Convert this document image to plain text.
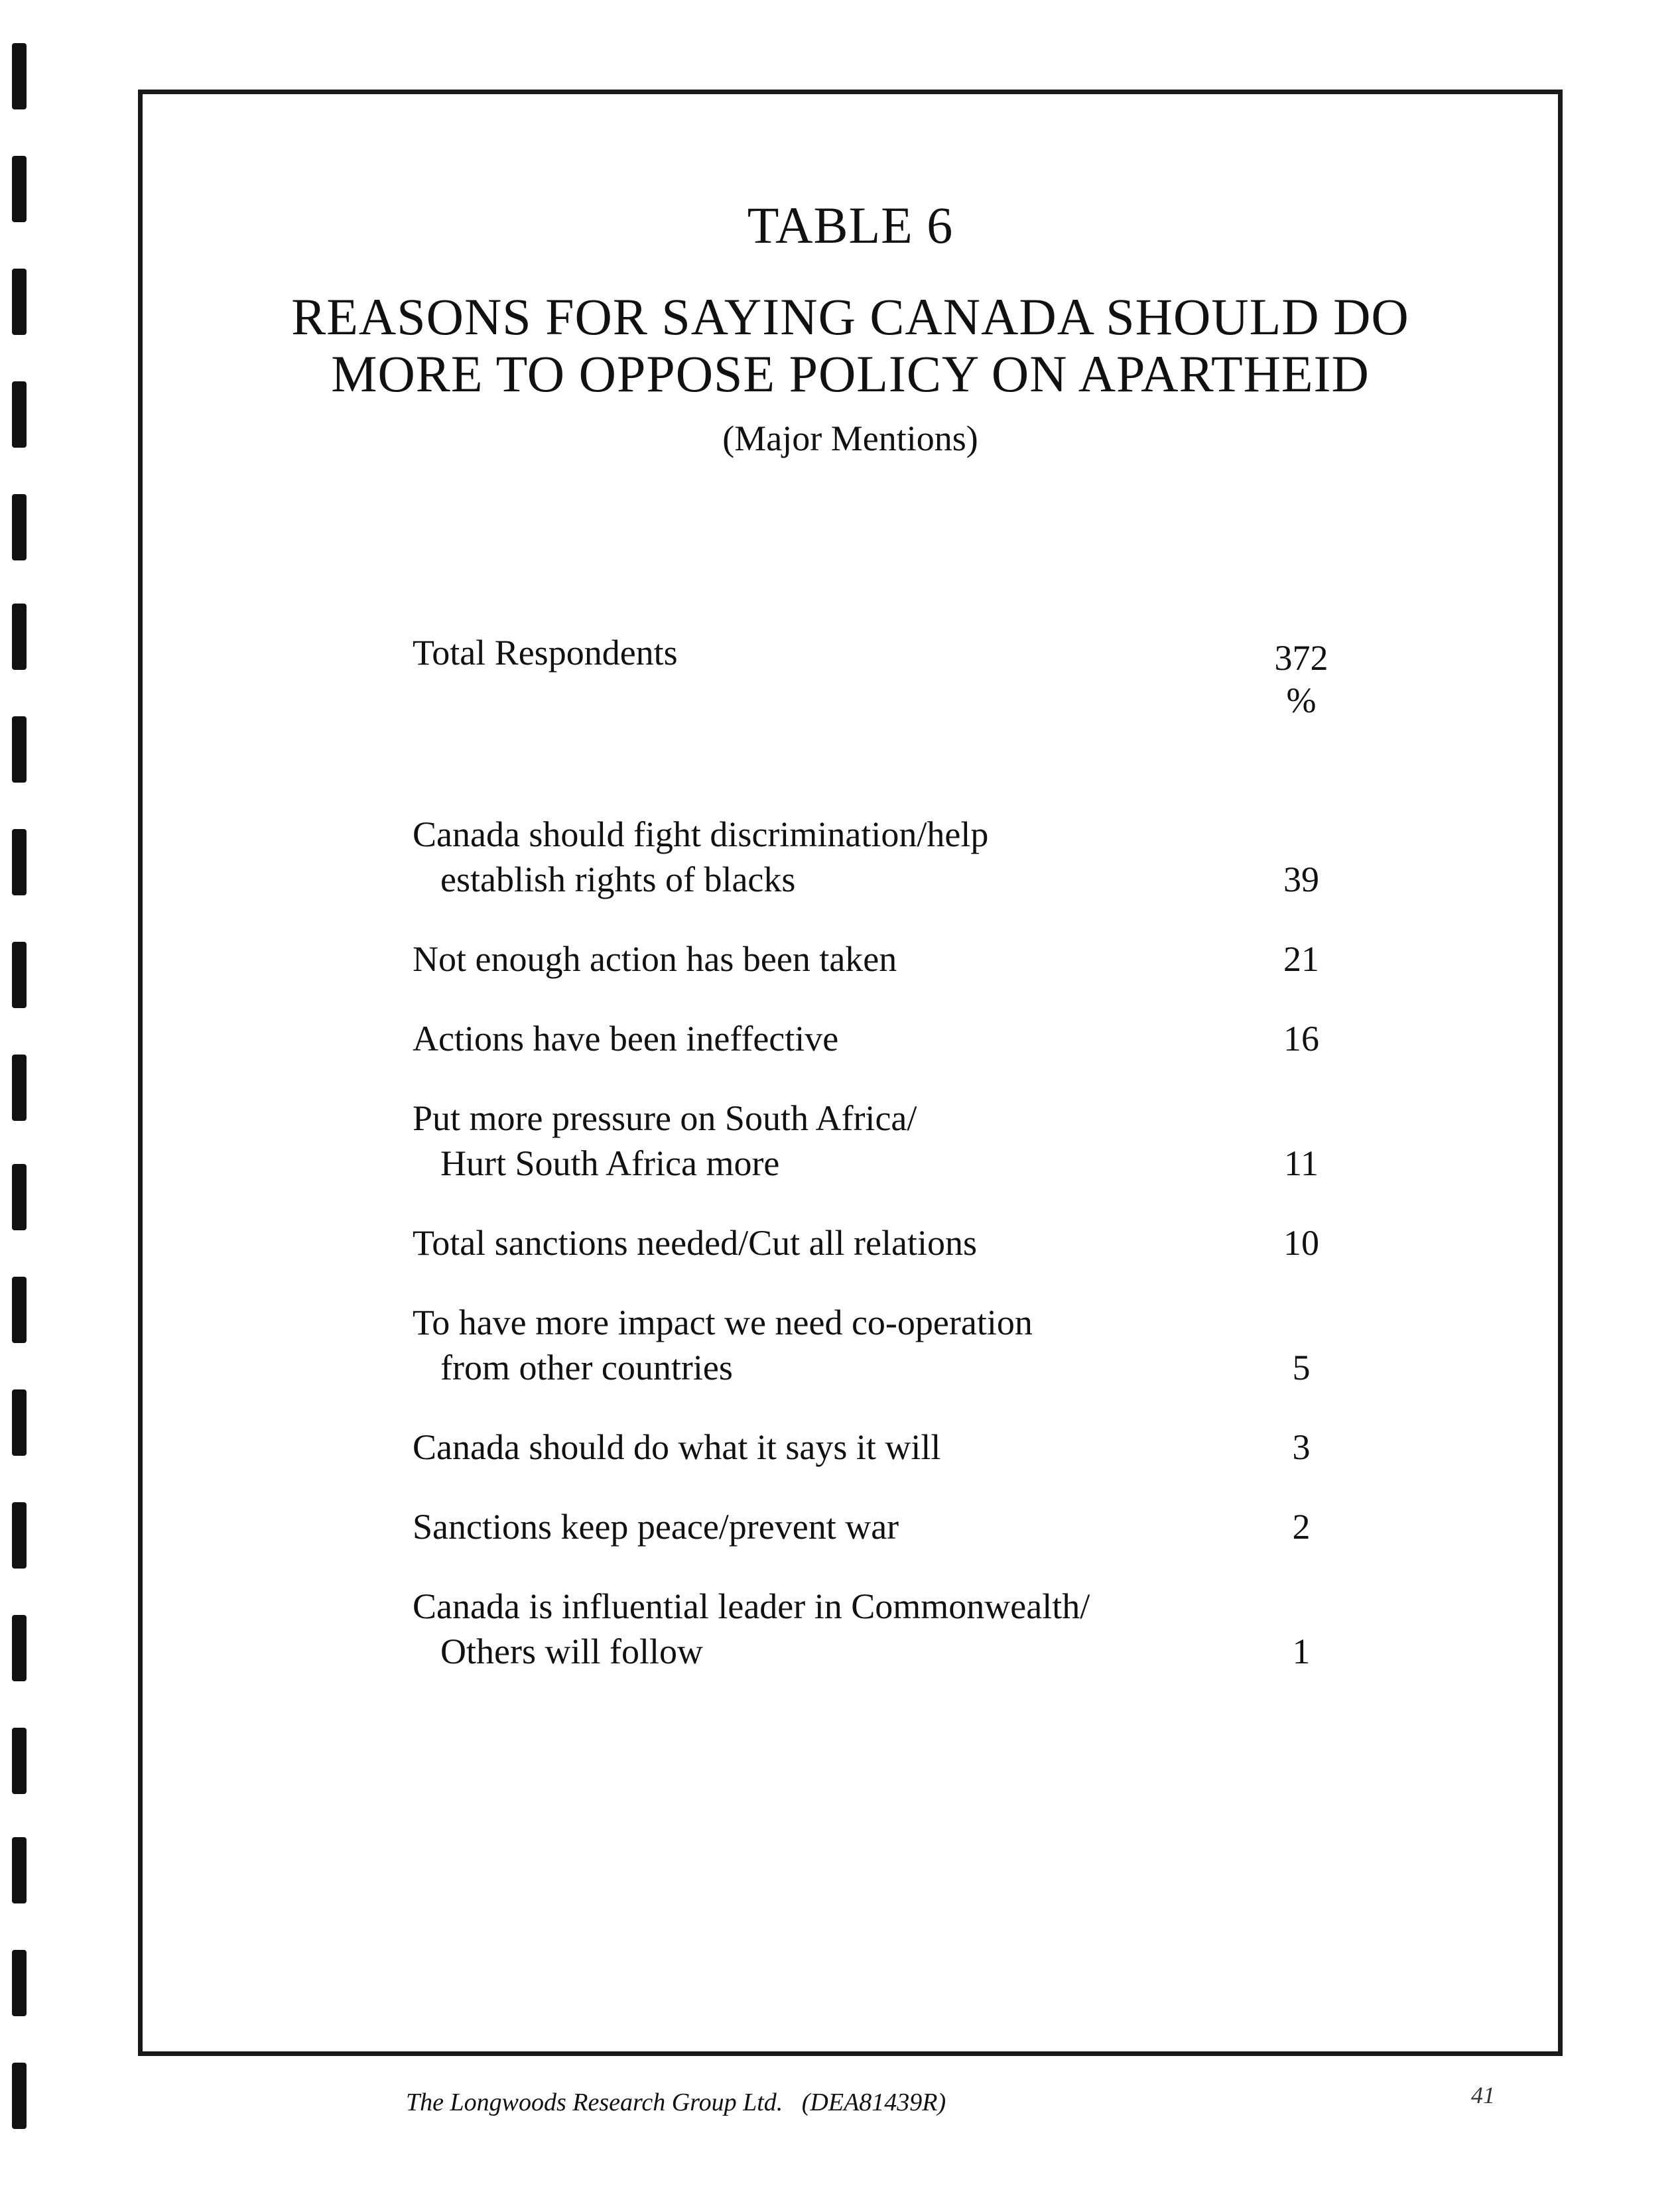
TABLE 6
REASONS FOR SAYING CANADA SHOULD DO
MORE TO OPPOSE POLICY ON APARTHEID
(Major Mentions)
Total Respondents	372
%
Canada should fight discrimination/help
establish rights of blacks	39
Not enough action has been taken	21
Actions have been ineffective	16
Put more pressure on South Africa/
Hurt South Africa more	11
Total sanctions needed/Cut all relations	10
To have more impact we need co-operation
from other countries	5
Canada should do what it says it will	3
Sanctions keep peace/prevent war	2
Canada is influential leader in Commonwealth/
Others will follow	1
The Longwoods Research Group Ltd.   (DEA81439R)	41
